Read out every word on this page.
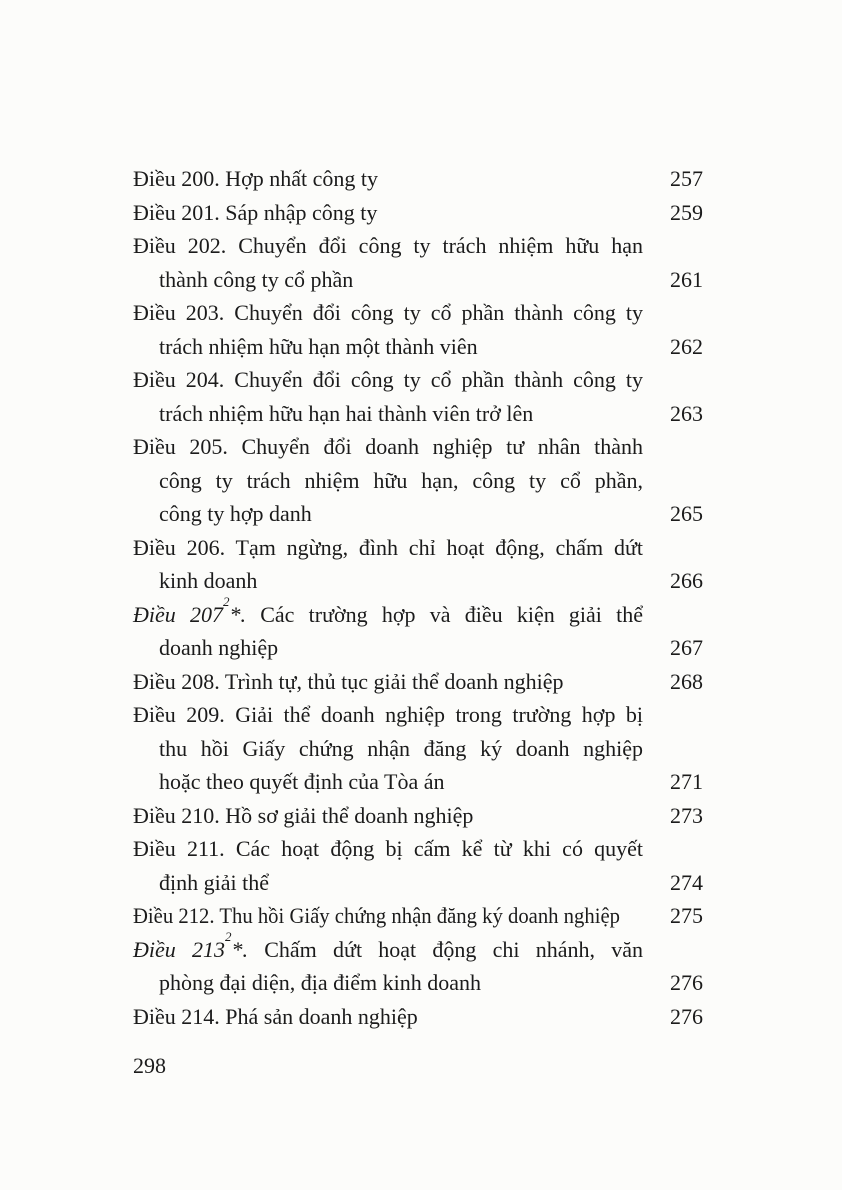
Điều 200. Hợp nhất công ty	257
Điều 201. Sáp nhập công ty	259
Điều 202. Chuyển đổi công ty trách nhiệm hữu hạn
thành công ty cổ phần	261
Điều 203. Chuyển đổi công ty cổ phần thành công ty
trách nhiệm hữu hạn một thành viên	262
Điều 204. Chuyển đổi công ty cổ phần thành công ty
trách nhiệm hữu hạn hai thành viên trở lên	263
Điều 205. Chuyển đổi doanh nghiệp tư nhân thành
công ty trách nhiệm hữu hạn, công ty cổ phần,
công ty hợp danh	265
Điều 206. Tạm ngừng, đình chỉ hoạt động, chấm dứt
kinh doanh	266
Điều 207$^2$*. Các trường hợp và điều kiện giải thể
doanh nghiệp	267
Điều 208. Trình tự, thủ tục giải thể doanh nghiệp	268
Điều 209. Giải thể doanh nghiệp trong trường hợp bị
thu hồi Giấy chứng nhận đăng ký doanh nghiệp
hoặc theo quyết định của Tòa án	271
Điều 210. Hồ sơ giải thể doanh nghiệp	273
Điều 211. Các hoạt động bị cấm kể từ khi có quyết
định giải thể	274
Điều 212. Thu hồi Giấy chứng nhận đăng ký doanh nghiệp	275
Điều 213$^2$*. Chấm dứt hoạt động chi nhánh, văn
phòng đại diện, địa điểm kinh doanh	276
Điều 214. Phá sản doanh nghiệp	276
298
